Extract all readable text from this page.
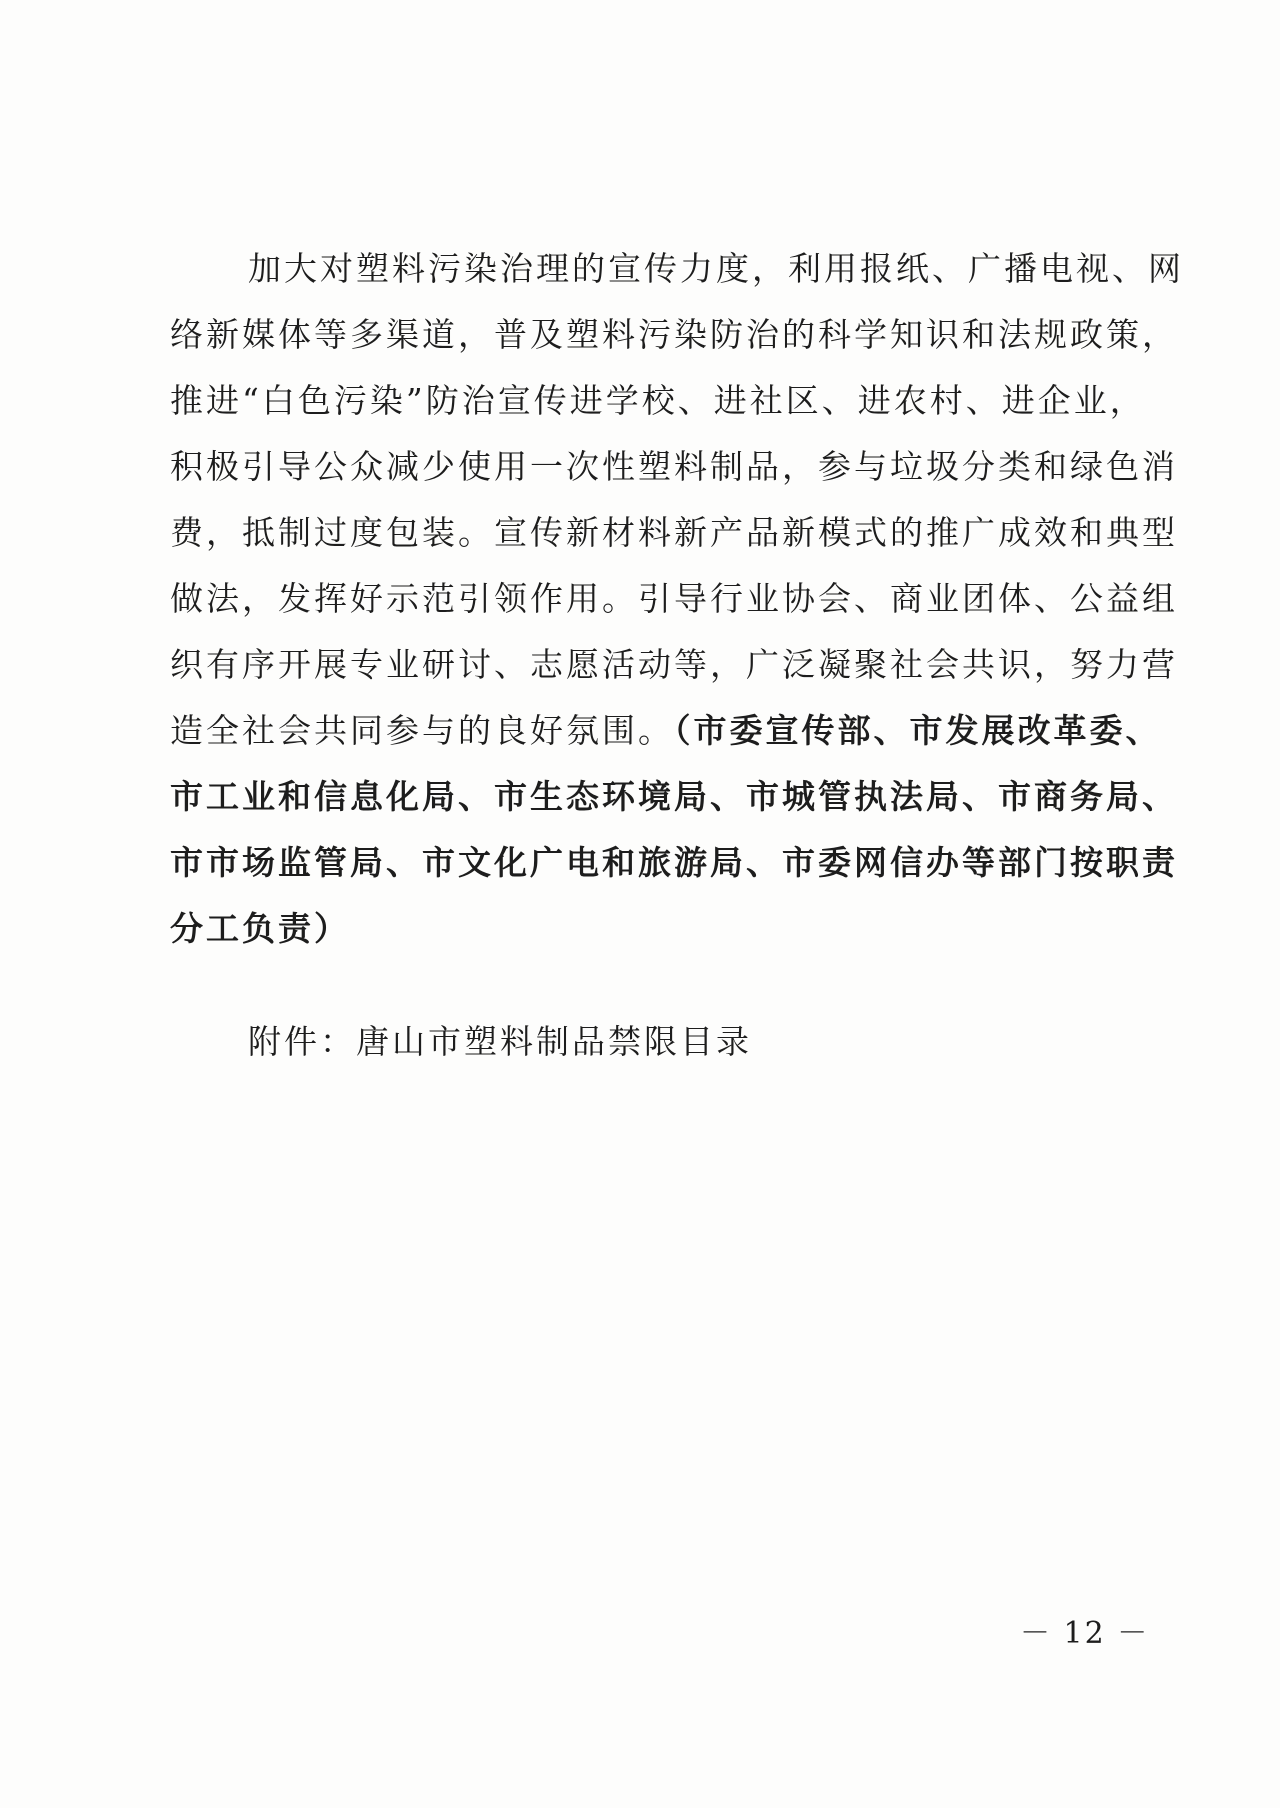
加大对塑料污染治理的宣传力度，利用报纸、广播电视、网
络新媒体等多渠道，普及塑料污染防治的科学知识和法规政策，
推进“白色污染”防治宣传进学校、进社区、进农村、进企业，
积极引导公众减少使用一次性塑料制品，参与垃圾分类和绿色消
费，抵制过度包装。宣传新材料新产品新模式的推广成效和典型
做法，发挥好示范引领作用。引导行业协会、商业团体、公益组
织有序开展专业研讨、志愿活动等，广泛凝聚社会共识，努力营
造全社会共同参与的良好氛围。（市委宣传部、市发展改革委、
市工业和信息化局、市生态环境局、市城管执法局、市商务局、
市市场监管局、市文化广电和旅游局、市委网信办等部门按职责
分工负责）
附件：唐山市塑料制品禁限目录
－ 12 －
